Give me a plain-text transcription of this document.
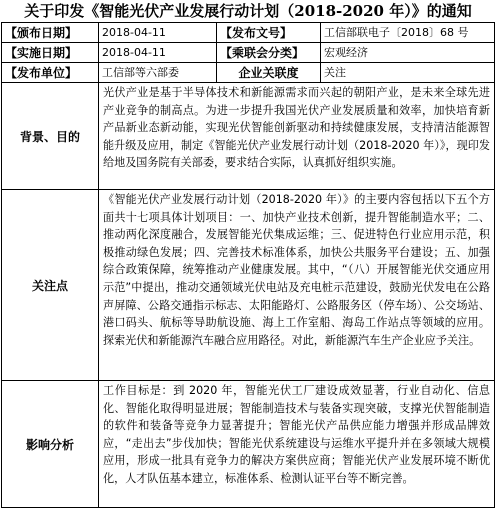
关于印发《智能光伏产业发展行动计划（2018-2020 年）》的通知
【颁布日期】	2018-04-11	【发布文号】	工信部联电子〔2018〕68 号
【实施日期】	2018-04-11	【乘联会分类】	宏观经济
【发布单位】	工信部等六部委	企业关联度	关注
背景、目的	光伏产业是基于半导体技术和新能源需求而兴起的朝阳产业，是未来全球先进产业竞争的制高点。为进一步提升我国光伏产业发展质量和效率，加快培育新产品新业态新动能，实现光伏智能创新驱动和持续健康发展，支持清洁能源智能升级及应用，制定《智能光伏产业发展行动计划（2018-2020 年）》，现印发给地及国务院有关部委，要求结合实际，认真抓好组织实施。		
关注点	《智能光伏产业发展行动计划（2018-2020 年）》的主要内容包括以下五个方面共十七项具体计划项目：一、加快产业技术创新，提升智能制造水平；二、推动两化深度融合，发展智能光伏集成运维；三、促进特色行业应用示范，积极推动绿色发展；四、完善技术标准体系，加快公共服务平台建设；五、加强综合政策保障，统筹推动产业健康发展。其中，“（八）开展智能光伏交通应用示范”中提出，推动交通领域光伏电站及充电桩示范建设，鼓励光伏发电在公路声屏障、公路交通指示标志、太阳能路灯、公路服务区（停车场）、公交场站、港口码头、航标等导助航设施、海上工作室船、海岛工作站点等领域的应用。探索光伏和新能源汽车融合应用路径。对此，新能源汽车生产企业应予关注。		
影响分析	工作目标是：到 2020 年，智能光伏工厂建设成效显著，行业自动化、信息化、智能化取得明显进展；智能制造技术与装备实现突破，支撑光伏智能制造的软件和装备等竞争力显著提升；智能光伏产品供应能力增强并形成品牌效应，“走出去”步伐加快；智能光伏系统建设与运维水平提升并在多领域大规模应用，形成一批具有竞争力的解决方案供应商；智能光伏产业发展环境不断优化，人才队伍基本建立，标准体系、检测认证平台等不断完善。		
